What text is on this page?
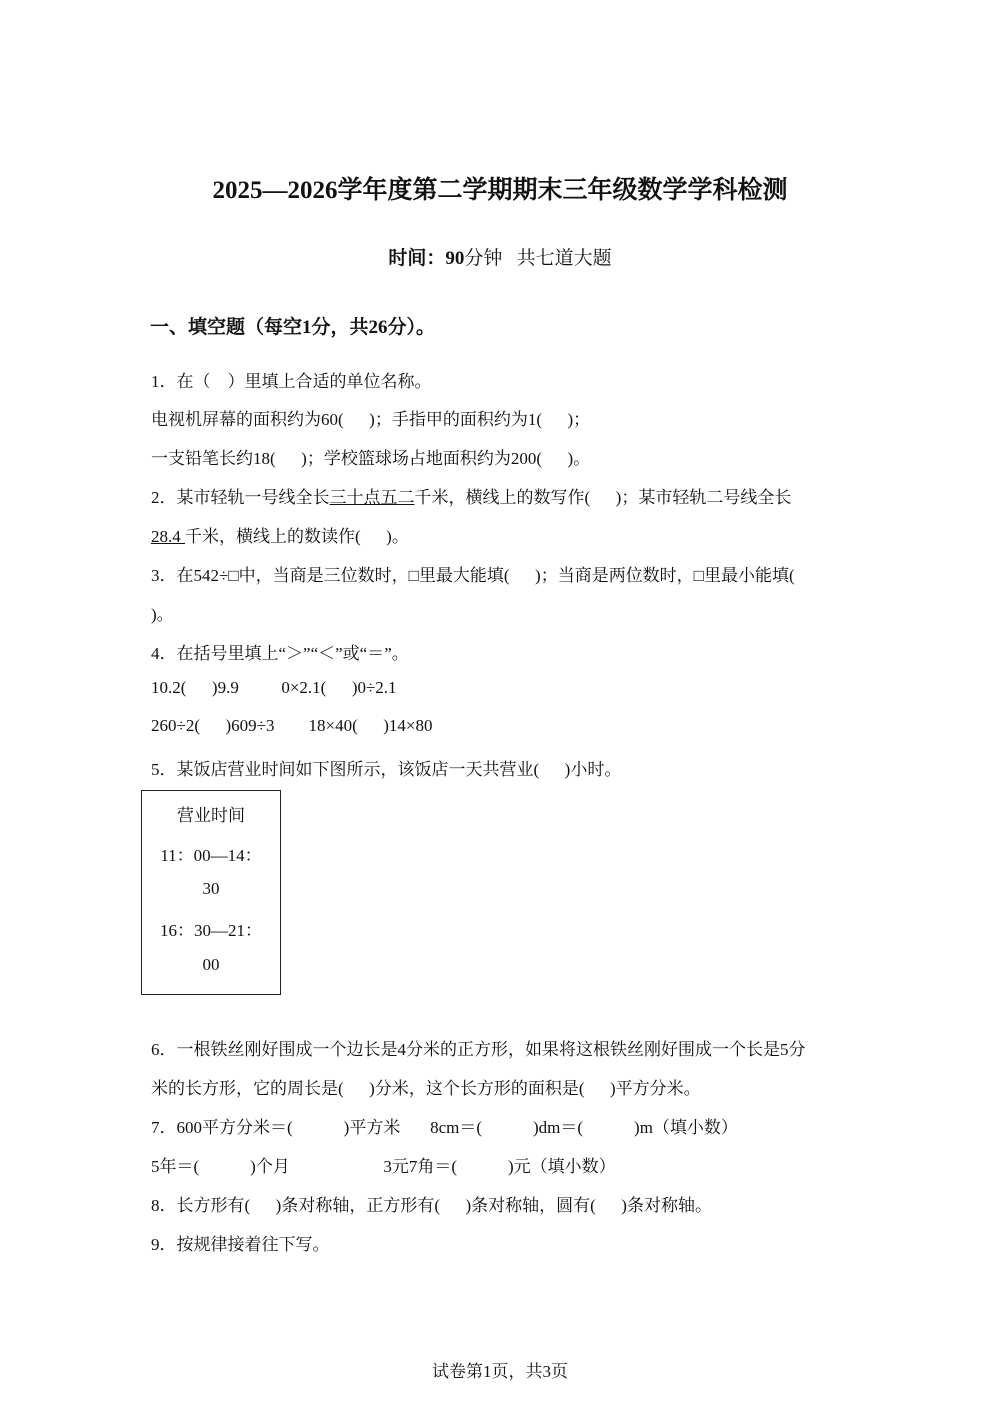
2025—2026学年度第二学期期末三年级数学学科检测
时间：90分钟   共七道大题
一、填空题（每空1分，共26分）。
1．在（    ）里填上合适的单位名称。
电视机屏幕的面积约为60(      )；手指甲的面积约为1(      )；
一支铅笔长约18(      )；学校篮球场占地面积约为200(      )。
2．某市轻轨一号线全长三十点五二千米，横线上的数写作(      )；某市轻轨二号线全长
28.4 千米，横线上的数读作(      )。
3．在542÷□中，当商是三位数时，□里最大能填(      )；当商是两位数时，□里最小能填(
)。
4．在括号里填上“＞”“＜”或“＝”。
10.2(      )9.9          0×2.1(      )0÷2.1
260÷2(      )609÷3        18×40(      )14×80
5．某饭店营业时间如下图所示，该饭店一天共营业(      )小时。
营业时间
11：00—14：
30
16：30—21：
00
6．一根铁丝刚好围成一个边长是4分米的正方形，如果将这根铁丝刚好围成一个长是5分
米的长方形，它的周长是(      )分米，这个长方形的面积是(      )平方分米。
7．600平方分米＝(            )平方米       8cm＝(            )dm＝(            )m（填小数）
5年＝(            )个月                      3元7角＝(            )元（填小数）
8．长方形有(      )条对称轴，正方形有(      )条对称轴，圆有(      )条对称轴。
9．按规律接着往下写。
试卷第1页，共3页
